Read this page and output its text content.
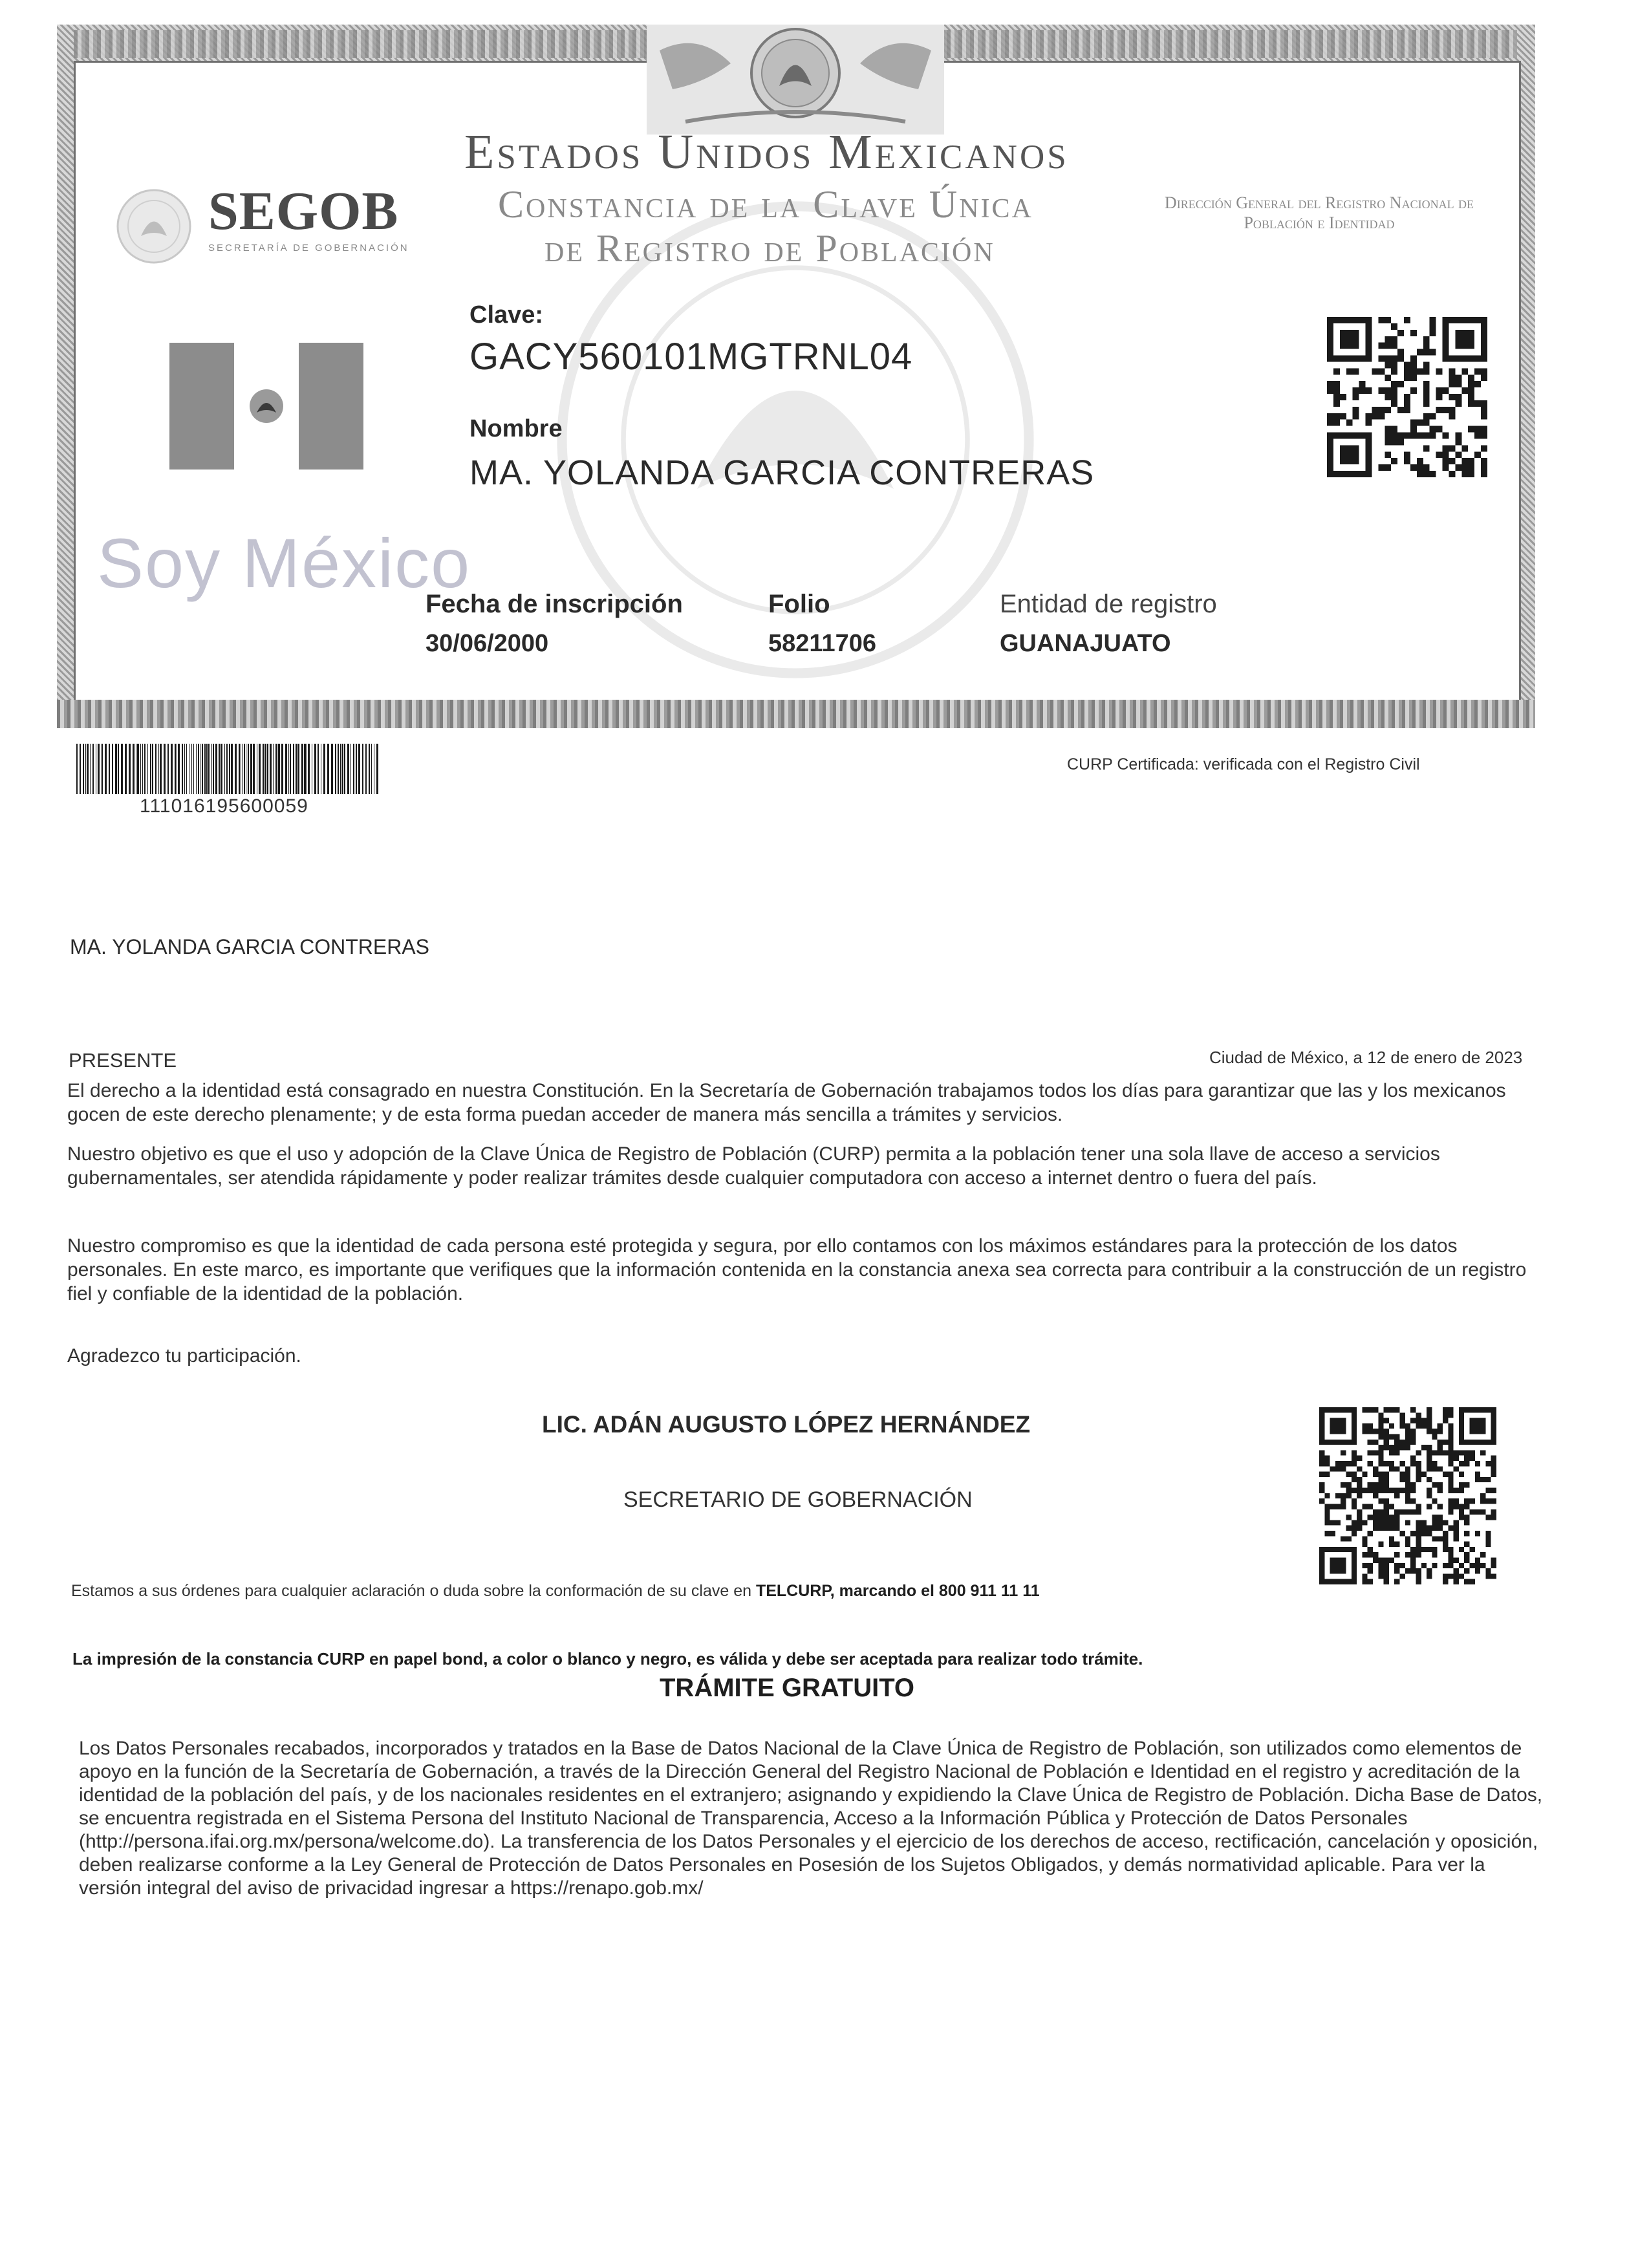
SEGOB
SECRETARÍA DE GOBERNACIÓN
Estados Unidos Mexicanos
Constancia de la Clave Única
de Registro de Población
Dirección General del Registro Nacional de Población e Identidad
Soy México
Clave:
GACY560101MGTRNL04
Nombre
MA. YOLANDA GARCIA CONTRERAS
Fecha de inscripción
30/06/2000
Folio
58211706
Entidad de registro
GUANAJUATO
111016195600059
CURP Certificada: verificada con el Registro Civil
MA. YOLANDA GARCIA CONTRERAS
PRESENTE	Ciudad de México, a 12 de enero de 2023
El derecho a la identidad está consagrado en nuestra Constitución. En la Secretaría de Gobernación trabajamos todos los días para garantizar que las y los mexicanos gocen de este derecho plenamente; y de esta forma puedan acceder de manera más sencilla a trámites y servicios.
Nuestro objetivo es que el uso y adopción de la Clave Única de Registro de Población (CURP) permita a la población tener una sola llave de acceso a servicios gubernamentales, ser atendida rápidamente y poder realizar trámites desde cualquier computadora con acceso a internet dentro o fuera del país.
Nuestro compromiso es que la identidad de cada persona esté protegida y segura, por ello contamos con los máximos estándares para la protección de los datos personales. En este marco, es importante que verifiques que la información contenida en la constancia anexa sea correcta para contribuir a la construcción de un registro fiel y confiable de la identidad de la población.
Agradezco tu participación.
LIC. ADÁN AUGUSTO LÓPEZ HERNÁNDEZ
SECRETARIO DE GOBERNACIÓN
Estamos a sus órdenes para cualquier aclaración o duda sobre la conformación de su clave en TELCURP, marcando el 800 911 11 11
La impresión de la constancia CURP en papel bond, a color o blanco y negro, es válida y debe ser aceptada para realizar todo trámite.
TRÁMITE GRATUITO
Los Datos Personales recabados, incorporados y tratados en la Base de Datos Nacional de la Clave Única de Registro de Población, son utilizados como elementos de apoyo en la función de la Secretaría de Gobernación, a través de la Dirección General del Registro Nacional de Población e Identidad en el registro y acreditación de la identidad de la población del país, y de los nacionales residentes en el extranjero; asignando y expidiendo la Clave Única de Registro de Población. Dicha Base de Datos, se encuentra registrada en el Sistema Persona del Instituto Nacional de Transparencia, Acceso a la Información Pública y Protección de Datos Personales (http://persona.ifai.org.mx/persona/welcome.do). La transferencia de los Datos Personales y el ejercicio de los derechos de acceso, rectificación, cancelación y oposición, deben realizarse conforme a la Ley General de Protección de Datos Personales en Posesión de los Sujetos Obligados, y demás normatividad aplicable. Para ver la versión integral del aviso de privacidad ingresar a https://renapo.gob.mx/
